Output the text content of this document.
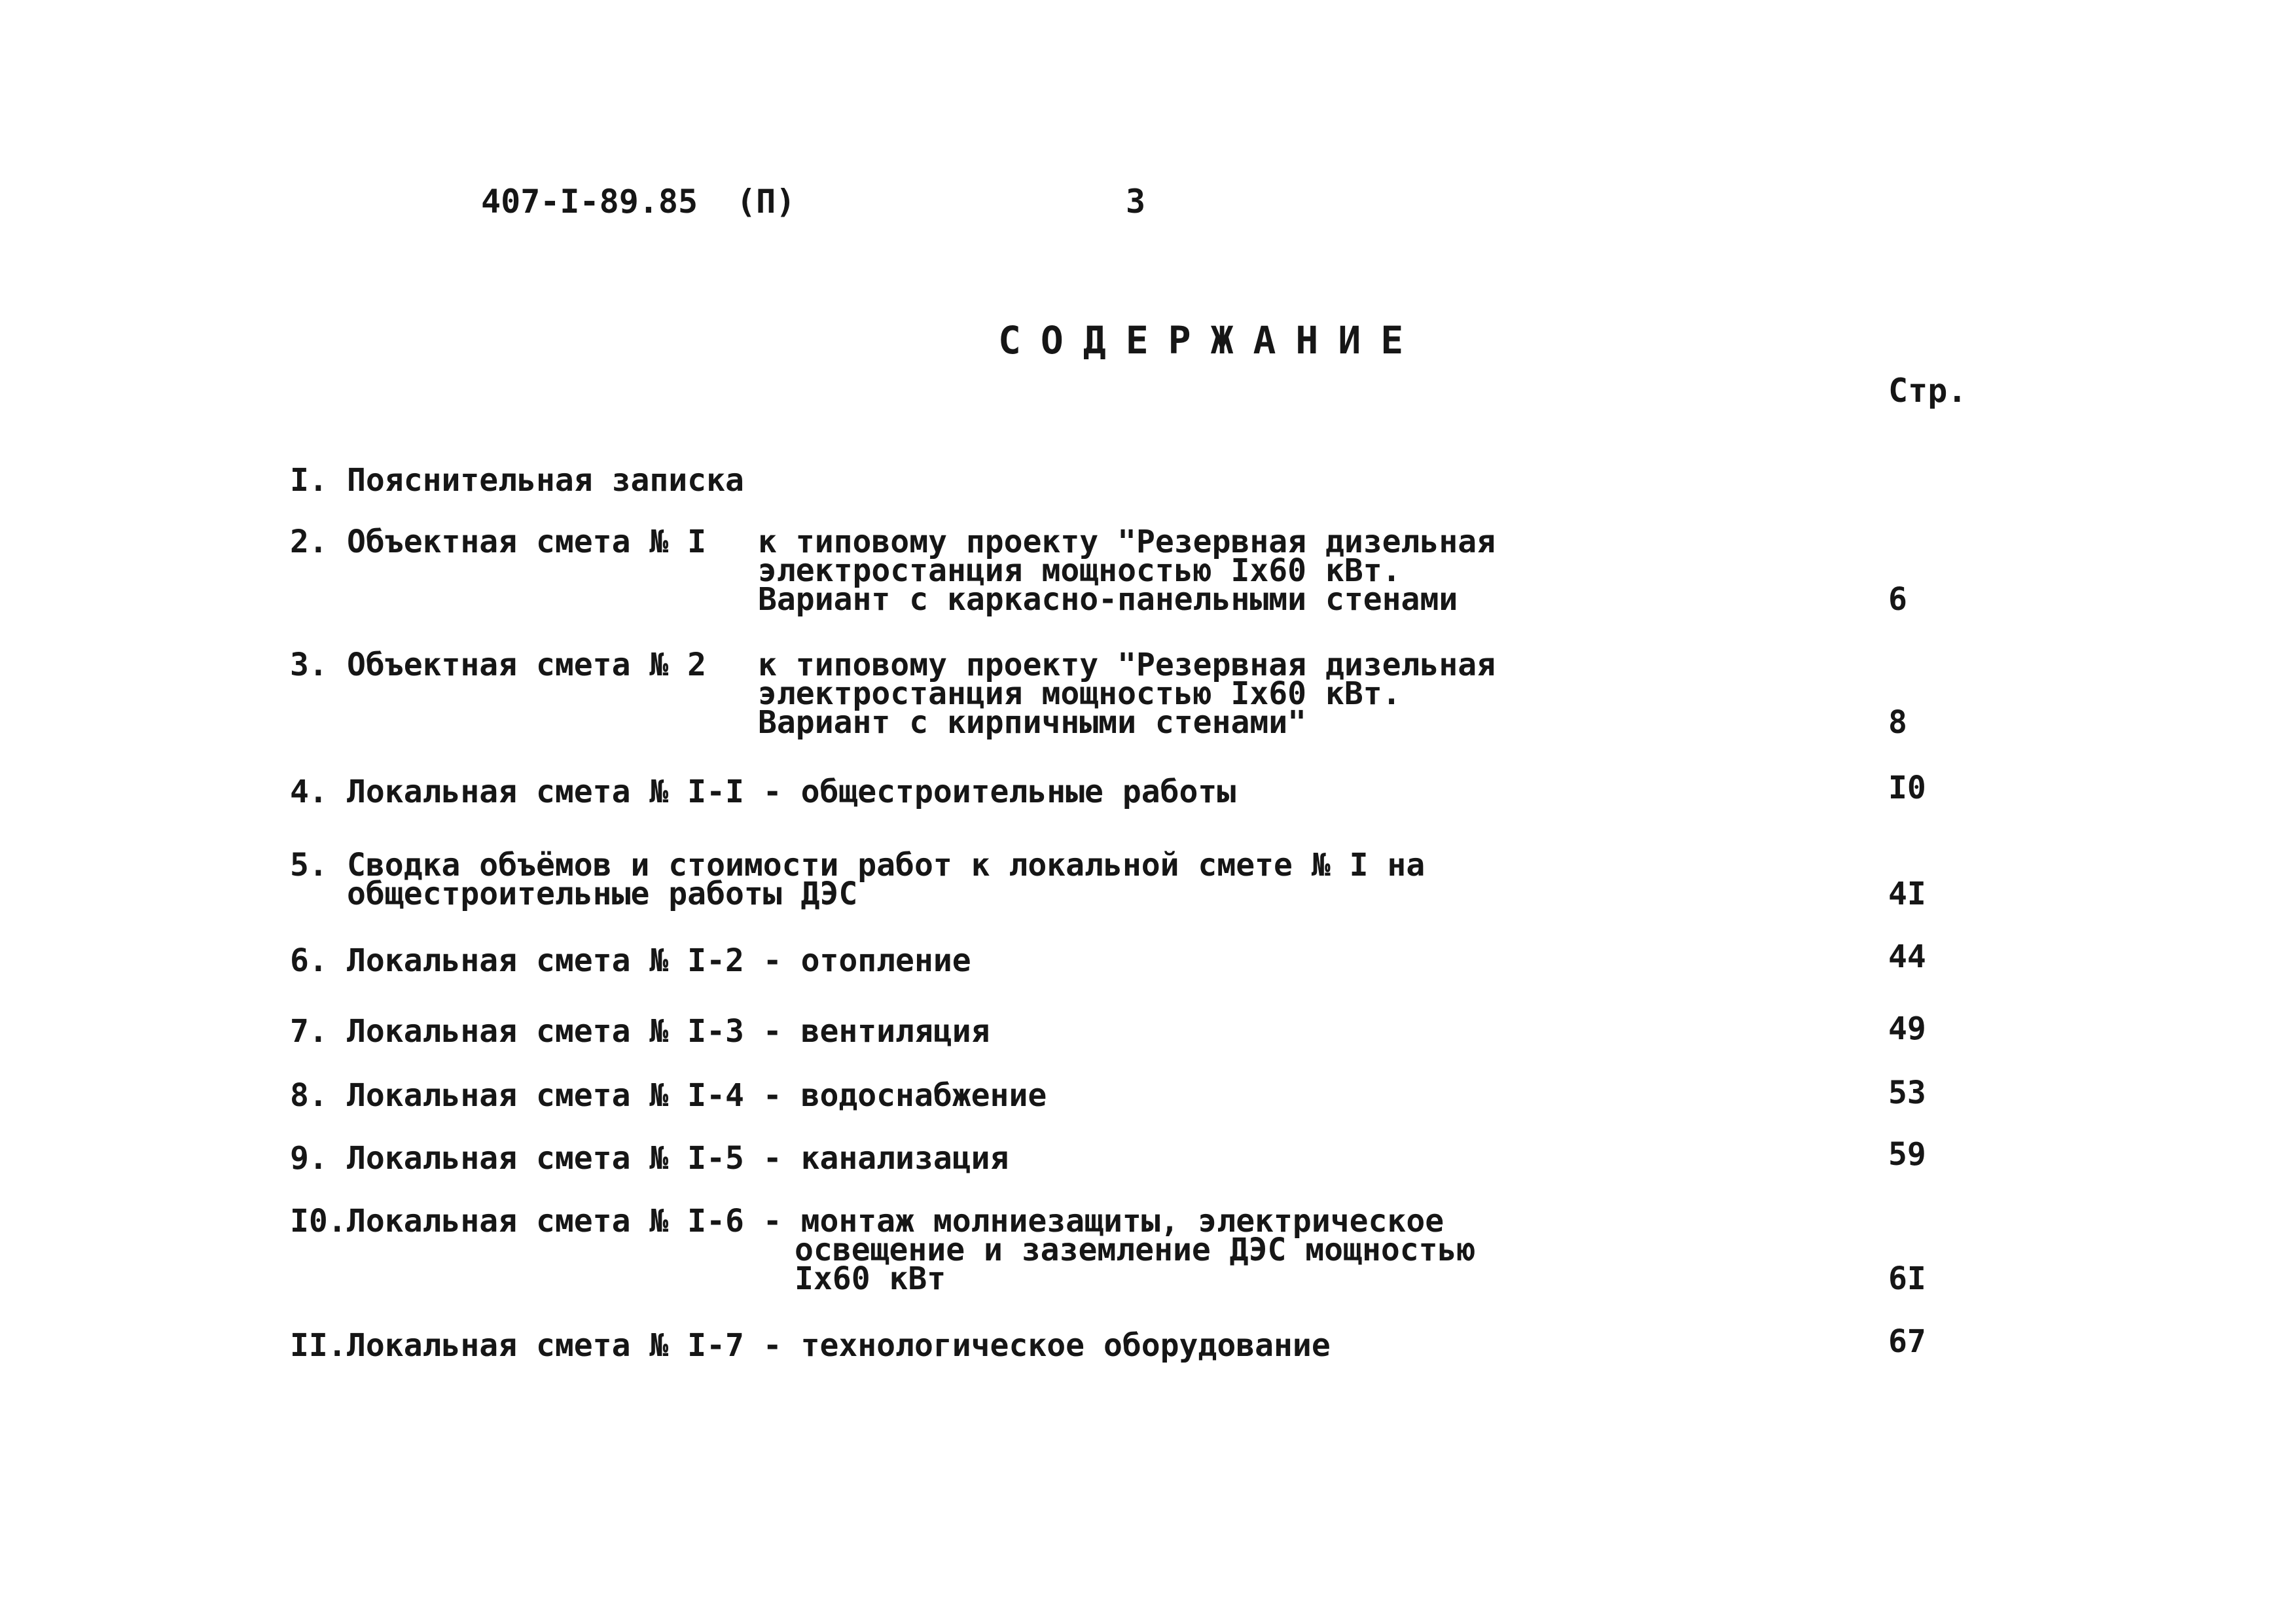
407-I-89.85 (П)	3
СОДЕРЖАНИЕ
Стр.
I. Пояснительная записка
2. Объектная смета № I к типовому проекту "Резервная дизельная
электростанция мощностью Iх60 кВт.
Вариант с каркасно-панельными стенами	6
3. Объектная смета № 2 к типовому проекту "Резервная дизельная
электростанция мощностью Iх60 кВт.
Вариант с кирпичными стенами"	8
4. Локальная смета № I-I - общестроительные работы	I0
5. Сводка объёмов и стоимости работ к локальной смете № I на
общестроительные работы ДЭС	4I
6. Локальная смета № I-2 - отопление	44
7. Локальная смета № I-3 - вентиляция	49
8. Локальная смета № I-4 - водоснабжение	53
9. Локальная смета № I-5 - канализация	59
I0. Локальная смета № I-6 - монтаж молниезащиты, электрическое
освещение и заземление ДЭС мощностью
Iх60 кВт	6I
II. Локальная смета № I-7 - технологическое оборудование	67
